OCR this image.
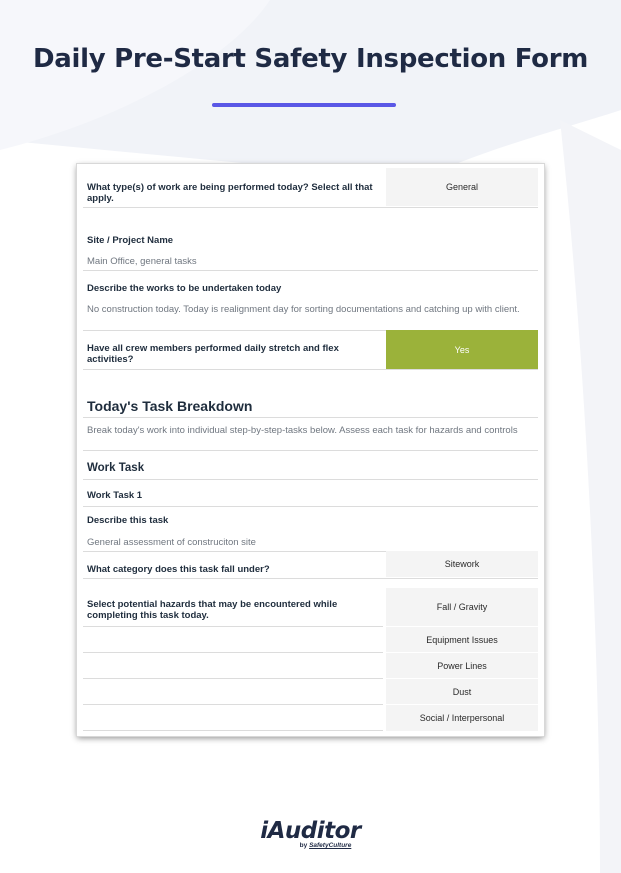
Daily Pre-Start Safety Inspection Form
What type(s) of work are being performed today? Select all that apply.
General
Site / Project Name
Main Office, general tasks
Describe the works to be undertaken today
No construction today. Today is realignment day for sorting documentations and catching up with client.
Have all crew members performed daily stretch and flex activities?
Yes
Today's Task Breakdown
Break today's work into individual step-by-step-tasks below. Assess each task for hazards and controls
Work Task
Work Task 1
Describe this task
General assessment of construciton site
What category does this task fall under?	Sitework
Select potential hazards that may be encountered while completing this task today.
Fall / Gravity
Equipment Issues
Power Lines
Dust
Social / Interpersonal
iAuditor
by SafetyCulture
